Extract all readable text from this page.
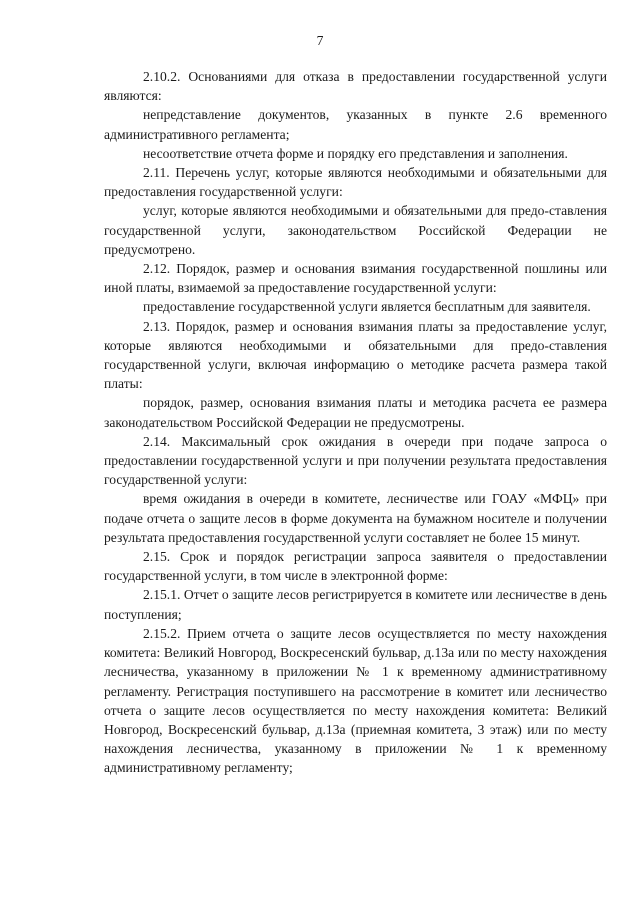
7

2.10.2. Основаниями для отказа в предоставлении государственной услуги являются:

непредставление документов, указанных в пункте 2.6 временного административного регламента;

несоответствие отчета форме и порядку его представления и заполнения.

2.11. Перечень услуг, которые являются необходимыми и обязательными для предоставления государственной услуги:

услуг, которые являются необходимыми и обязательными для предо-ставления государственной услуги, законодательством Российской Федерации не предусмотрено.

2.12. Порядок, размер и основания взимания государственной пошлины или иной платы, взимаемой за предоставление государственной услуги:

предоставление государственной услуги является бесплатным для заявителя.

2.13. Порядок, размер и основания взимания платы за предоставление услуг, которые являются необходимыми и обязательными для предо-ставления государственной услуги, включая информацию о методике расчета размера такой платы:

порядок, размер, основания взимания платы и методика расчета ее размера законодательством Российской Федерации не предусмотрены.

2.14. Максимальный срок ожидания в очереди при подаче запроса о предоставлении государственной услуги и при получении результата предоставления государственной услуги:

время ожидания в очереди в комитете, лесничестве или ГОАУ «МФЦ» при подаче отчета о защите лесов в форме документа на бумажном носителе и получении результата предоставления государственной услуги составляет не более 15 минут.

2.15. Срок и порядок регистрации запроса заявителя о предоставлении государственной услуги, в том числе в электронной форме:

2.15.1. Отчет о защите лесов регистрируется в комитете или лесничестве в день поступления;

2.15.2. Прием отчета о защите лесов осуществляется по месту нахождения комитета: Великий Новгород, Воскресенский бульвар, д.13а или по месту нахождения лесничества, указанному в приложении № 1 к временному административному регламенту. Регистрация поступившего на рассмотрение в комитет или лесничество отчета о защите лесов осуществляется по месту нахождения комитета: Великий Новгород, Воскресенский бульвар, д.13а (приемная комитета, 3 этаж) или по месту нахождения лесничества, указанному в приложении № 1 к временному административному регламенту;
